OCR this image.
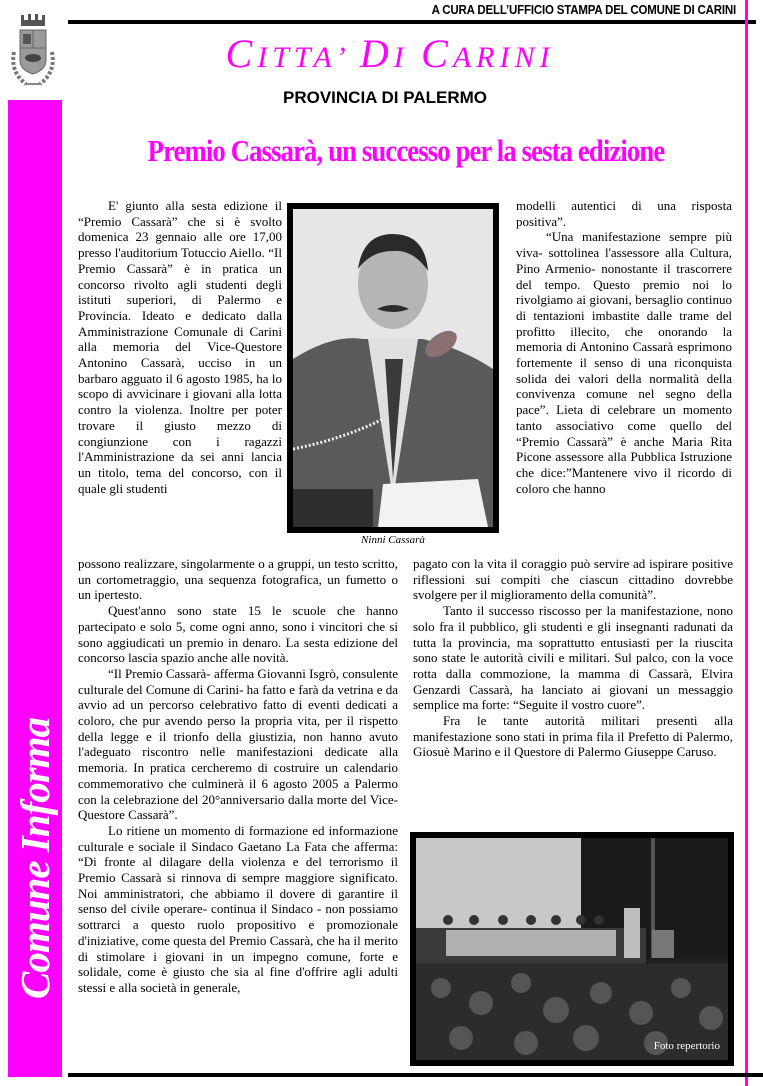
A CURA DELL’UFFICIO STAMPA DEL COMUNE DI CARINI
CITTA’ DI CARINI
PROVINCIA DI PALERMO
Comune Informa
Premio Cassarà, un successo per la sesta edizione

E' giunto alla sesta edizione il “Premio Cassarà” che si è svolto domenica 23 gennaio alle ore 17,00 presso l'auditorium Totuccio Aiello. “Il Premio Cassarà” è in pratica un concorso rivolto agli studenti degli istituti superiori, di Palermo e Provincia. Ideato e dedicato dalla Amministrazione Comunale di Carini alla memoria del Vice-Questore Antonino Cassarà, ucciso in un barbaro agguato il 6 agosto 1985, ha lo scopo di avvicinare i giovani alla lotta contro la violenza. Inoltre per poter trovare il giusto mezzo di congiunzione con i ragazzi l'Amministrazione da sei anni lancia un titolo, tema del concorso, con il quale gli studenti

Ninni Cassarà

modelli autentici di una risposta positiva”.

“Una manifestazione sempre più viva- sottolinea l'assessore alla Cultura, Pino Armenio- nonostante il trascorrere del tempo. Questo premio noi lo rivolgiamo ai giovani, bersaglio continuo di tentazioni imbastite dalle trame del profitto illecito, che onorando la memoria di Antonino Cassarà esprimono fortemente il senso di una riconquista solida dei valori della normalità della convivenza comune nel segno della pace”. Lieta di celebrare un momento tanto associativo come quello del “Premio Cassarà” è anche Maria Rita Picone assessore alla Pubblica Istruzione che dice:”Mantenere vivo il ricordo di coloro che hanno

possono realizzare, singolarmente o a gruppi, un testo scritto, un cortometraggio, una sequenza fotografica, un fumetto o un ipertesto.

Quest'anno sono state 15 le scuole che hanno partecipato e solo 5, come ogni anno, sono i vincitori che si sono aggiudicati un premio in denaro. La sesta edizione del concorso lascia spazio anche alle novità.

“Il Premio Cassarà- afferma Giovanni Isgrò, consulente culturale del Comune di Carini- ha fatto e farà da vetrina e da avvio ad un percorso celebrativo fatto di eventi dedicati a coloro, che pur avendo perso la propria vita, per il rispetto della legge e il trionfo della giustizia, non hanno avuto l'adeguato riscontro nelle manifestazioni dedicate alla memoria. In pratica cercheremo di costruire un calendario commemorativo che culminerà il 6 agosto 2005 a Palermo con la celebrazione del 20°anniversario dalla morte del Vice- Questore Cassarà”.

Lo ritiene un momento di formazione ed informazione culturale e sociale il Sindaco Gaetano La Fata che afferma: “Di fronte al dilagare della violenza e del terrorismo il Premio Cassarà si rinnova di sempre maggiore significato. Noi amministratori, che abbiamo il dovere di garantire il senso del civile operare- continua il Sindaco - non possiamo sottrarci a questo ruolo propositivo e promozionale d'iniziative, come questa del Premio Cassarà, che ha il merito di stimolare i giovani in un impegno comune, forte e solidale, come è giusto che sia al fine d'offrire agli adulti stessi e alla società in generale,

pagato con la vita il coraggio può servire ad ispirare positive riflessioni sui compiti che ciascun cittadino dovrebbe svolgere per il miglioramento della comunità”.

Tanto il successo riscosso per la manifestazione, nono solo fra il pubblico, gli studenti e gli insegnanti radunati da tutta la provincia, ma soprattutto entusiasti per la riuscita sono state le autorità civili e militari. Sul palco, con la voce rotta dalla commozione, la mamma di Cassarà, Elvira Genzardi Cassarà, ha lanciato ai giovani un messaggio semplice ma forte: “Seguite il vostro cuore”.

Fra le tante autorità militari presenti alla manifestazione sono stati in prima fila il Prefetto di Palermo, Giosuè Marino e il Questore di Palermo Giuseppe Caruso.

Foto repertorio
